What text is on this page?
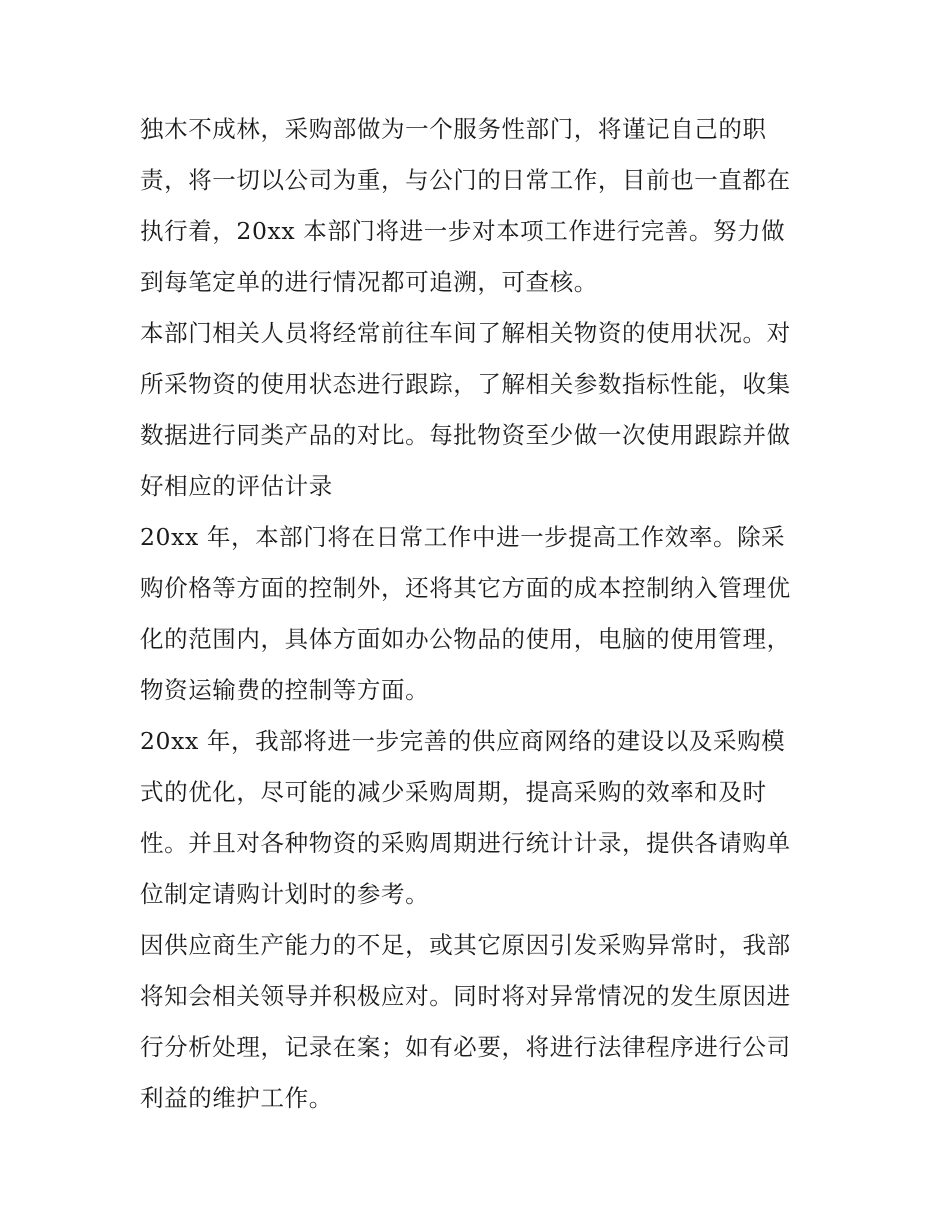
独木不成林，采购部做为一个服务性部门，将谨记自己的职
责，将一切以公司为重，与公门的日常工作，目前也一直都在
执行着，20xx 本部门将进一步对本项工作进行完善。努力做
到每笔定单的进行情况都可追溯，可查核。
本部门相关人员将经常前往车间了解相关物资的使用状况。对
所采物资的使用状态进行跟踪，了解相关参数指标性能，收集
数据进行同类产品的对比。每批物资至少做一次使用跟踪并做
好相应的评估计录
20xx 年，本部门将在日常工作中进一步提高工作效率。除采
购价格等方面的控制外，还将其它方面的成本控制纳入管理优
化的范围内，具体方面如办公物品的使用，电脑的使用管理，
物资运输费的控制等方面。
20xx 年，我部将进一步完善的供应商网络的建设以及采购模
式的优化，尽可能的减少采购周期，提高采购的效率和及时
性。并且对各种物资的采购周期进行统计计录，提供各请购单
位制定请购计划时的参考。
因供应商生产能力的不足，或其它原因引发采购异常时，我部
将知会相关领导并积极应对。同时将对异常情况的发生原因进
行分析处理，记录在案；如有必要，将进行法律程序进行公司
利益的维护工作。
